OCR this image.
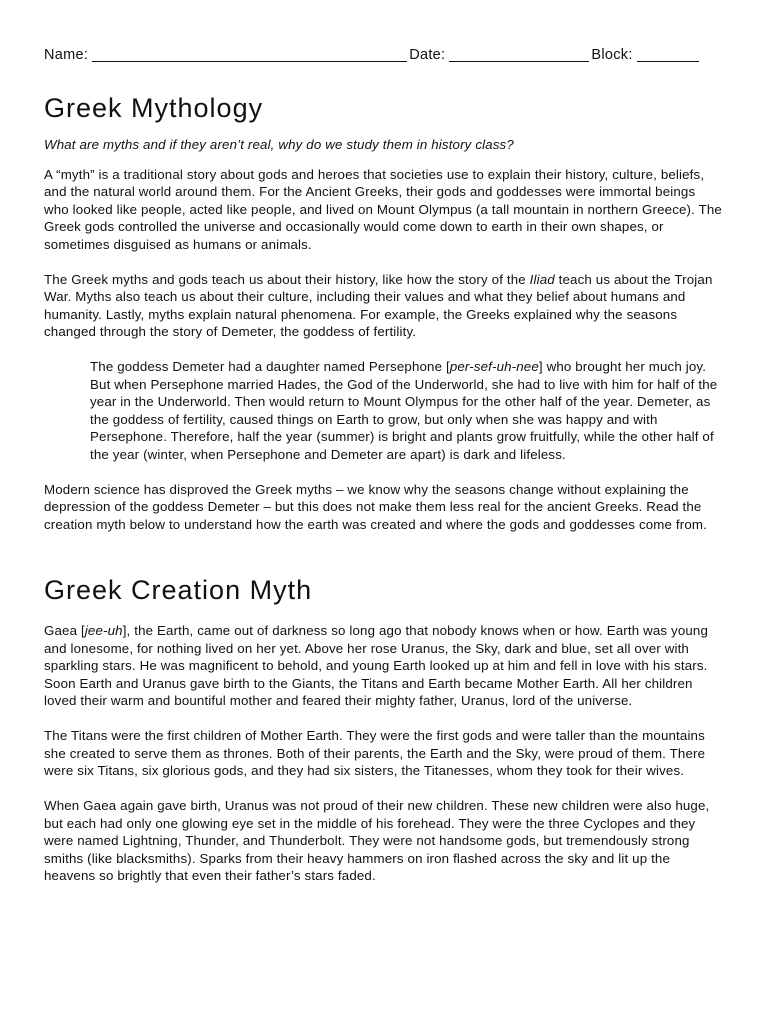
Name:	Date:	Block:
Greek Mythology

What are myths and if they aren’t real, why do we study them in history class?

A “myth” is a traditional story about gods and heroes that societies use to explain their history, culture, beliefs, and the natural world around them. For the Ancient Greeks, their gods and goddesses were immortal beings who looked like people, acted like people, and lived on Mount Olympus (a tall mountain in northern Greece). The Greek gods controlled the universe and occasionally would come down to earth in their own shapes, or sometimes disguised as humans or animals.

The Greek myths and gods teach us about their history, like how the story of the Iliad teach us about the Trojan War. Myths also teach us about their culture, including their values and what they belief about humans and humanity. Lastly, myths explain natural phenomena. For example, the Greeks explained why the seasons changed through the story of Demeter, the goddess of fertility.

The goddess Demeter had a daughter named Persephone [per-sef-uh-nee] who brought her much joy. But when Persephone married Hades, the God of the Underworld, she had to live with him for half of the year in the Underworld. Then would return to Mount Olympus for the other half of the year. Demeter, as the goddess of fertility, caused things on Earth to grow, but only when she was happy and with Persephone. Therefore, half the year (summer) is bright and plants grow fruitfully, while the other half of the year (winter, when Persephone and Demeter are apart) is dark and lifeless.

Modern science has disproved the Greek myths – we know why the seasons change without explaining the depression of the goddess Demeter – but this does not make them less real for the ancient Greeks. Read the creation myth below to understand how the earth was created and where the gods and goddesses come from.

Greek Creation Myth

Gaea [jee-uh], the Earth, came out of darkness so long ago that nobody knows when or how. Earth was young and lonesome, for nothing lived on her yet. Above her rose Uranus, the Sky, dark and blue, set all over with sparkling stars. He was magnificent to behold, and young Earth looked up at him and fell in love with his stars. Soon Earth and Uranus gave birth to the Giants, the Titans and Earth became Mother Earth. All her children loved their warm and bountiful mother and feared their mighty father, Uranus, lord of the universe.

The Titans were the first children of Mother Earth. They were the first gods and were taller than the mountains she created to serve them as thrones. Both of their parents, the Earth and the Sky, were proud of them. There were six Titans, six glorious gods, and they had six sisters, the Titanesses, whom they took for their wives.

When Gaea again gave birth, Uranus was not proud of their new children. These new children were also huge, but each had only one glowing eye set in the middle of his forehead. They were the three Cyclopes and they were named Lightning, Thunder, and Thunderbolt. They were not handsome gods, but tremendously strong smiths (like blacksmiths). Sparks from their heavy hammers on iron flashed across the sky and lit up the heavens so brightly that even their father’s stars faded.
